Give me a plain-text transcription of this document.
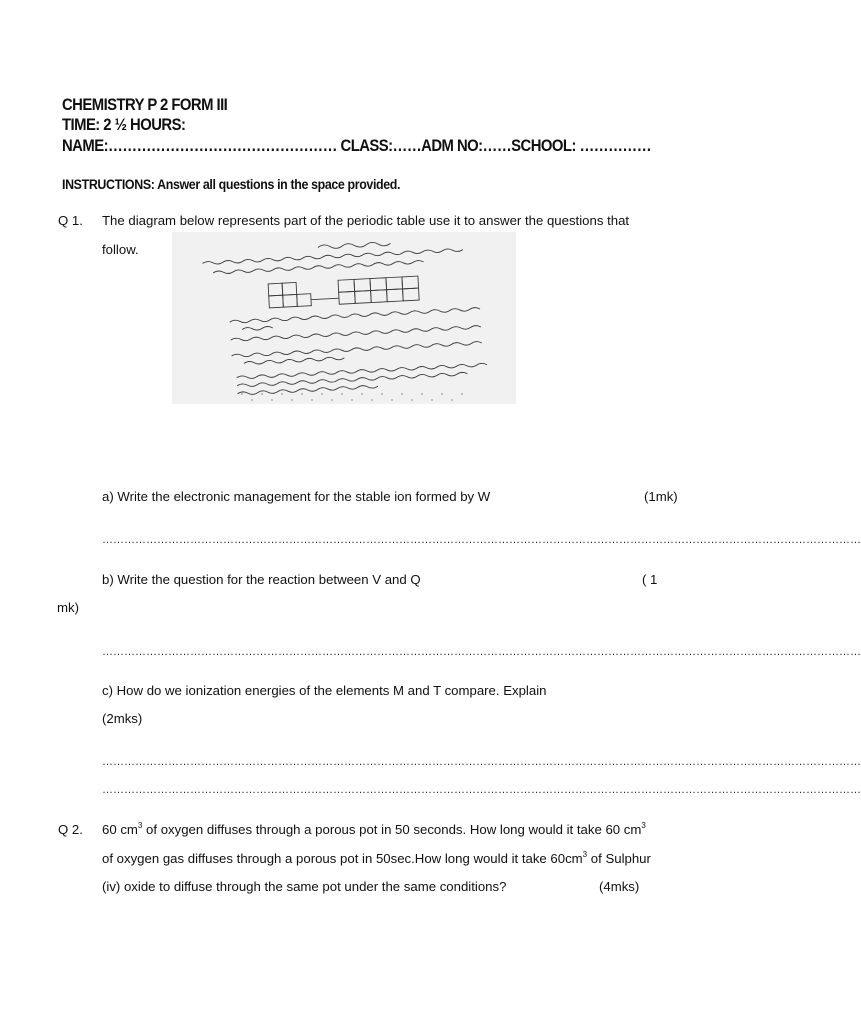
CHEMISTRY P 2 FORM III
TIME: 2 ½ HOURS:
NAME:………………………………………… CLASS:……ADM NO:……SCHOOL: ……………
INSTRUCTIONS: Answer all questions in the space provided.
Q 1. The diagram below represents part of the periodic table use it to answer the questions that
follow.
a) Write the electronic management for the stable ion formed by W	(1mk)
………………………………………………………………………………………………………………………………………………………………………………………
b) Write the question for the reaction between V and Q	( 1
mk)
………………………………………………………………………………………………………………………………………………………………………………………
c) How do we ionization energies of the elements M and T compare. Explain
(2mks)
………………………………………………………………………………………………………………………………………………………………………………………
………………………………………………………………………………………………………………………………………………………………………………………
Q 2. 60 $cm^3$ of oxygen diffuses through a porous pot in 50 seconds. How long would it take 60 $cm^3$
of oxygen gas diffuses through a porous pot in 50sec.How long would it take $60cm^3$ of Sulphur
(iv) oxide to diffuse through the same pot under the same conditions?	(4mks)
